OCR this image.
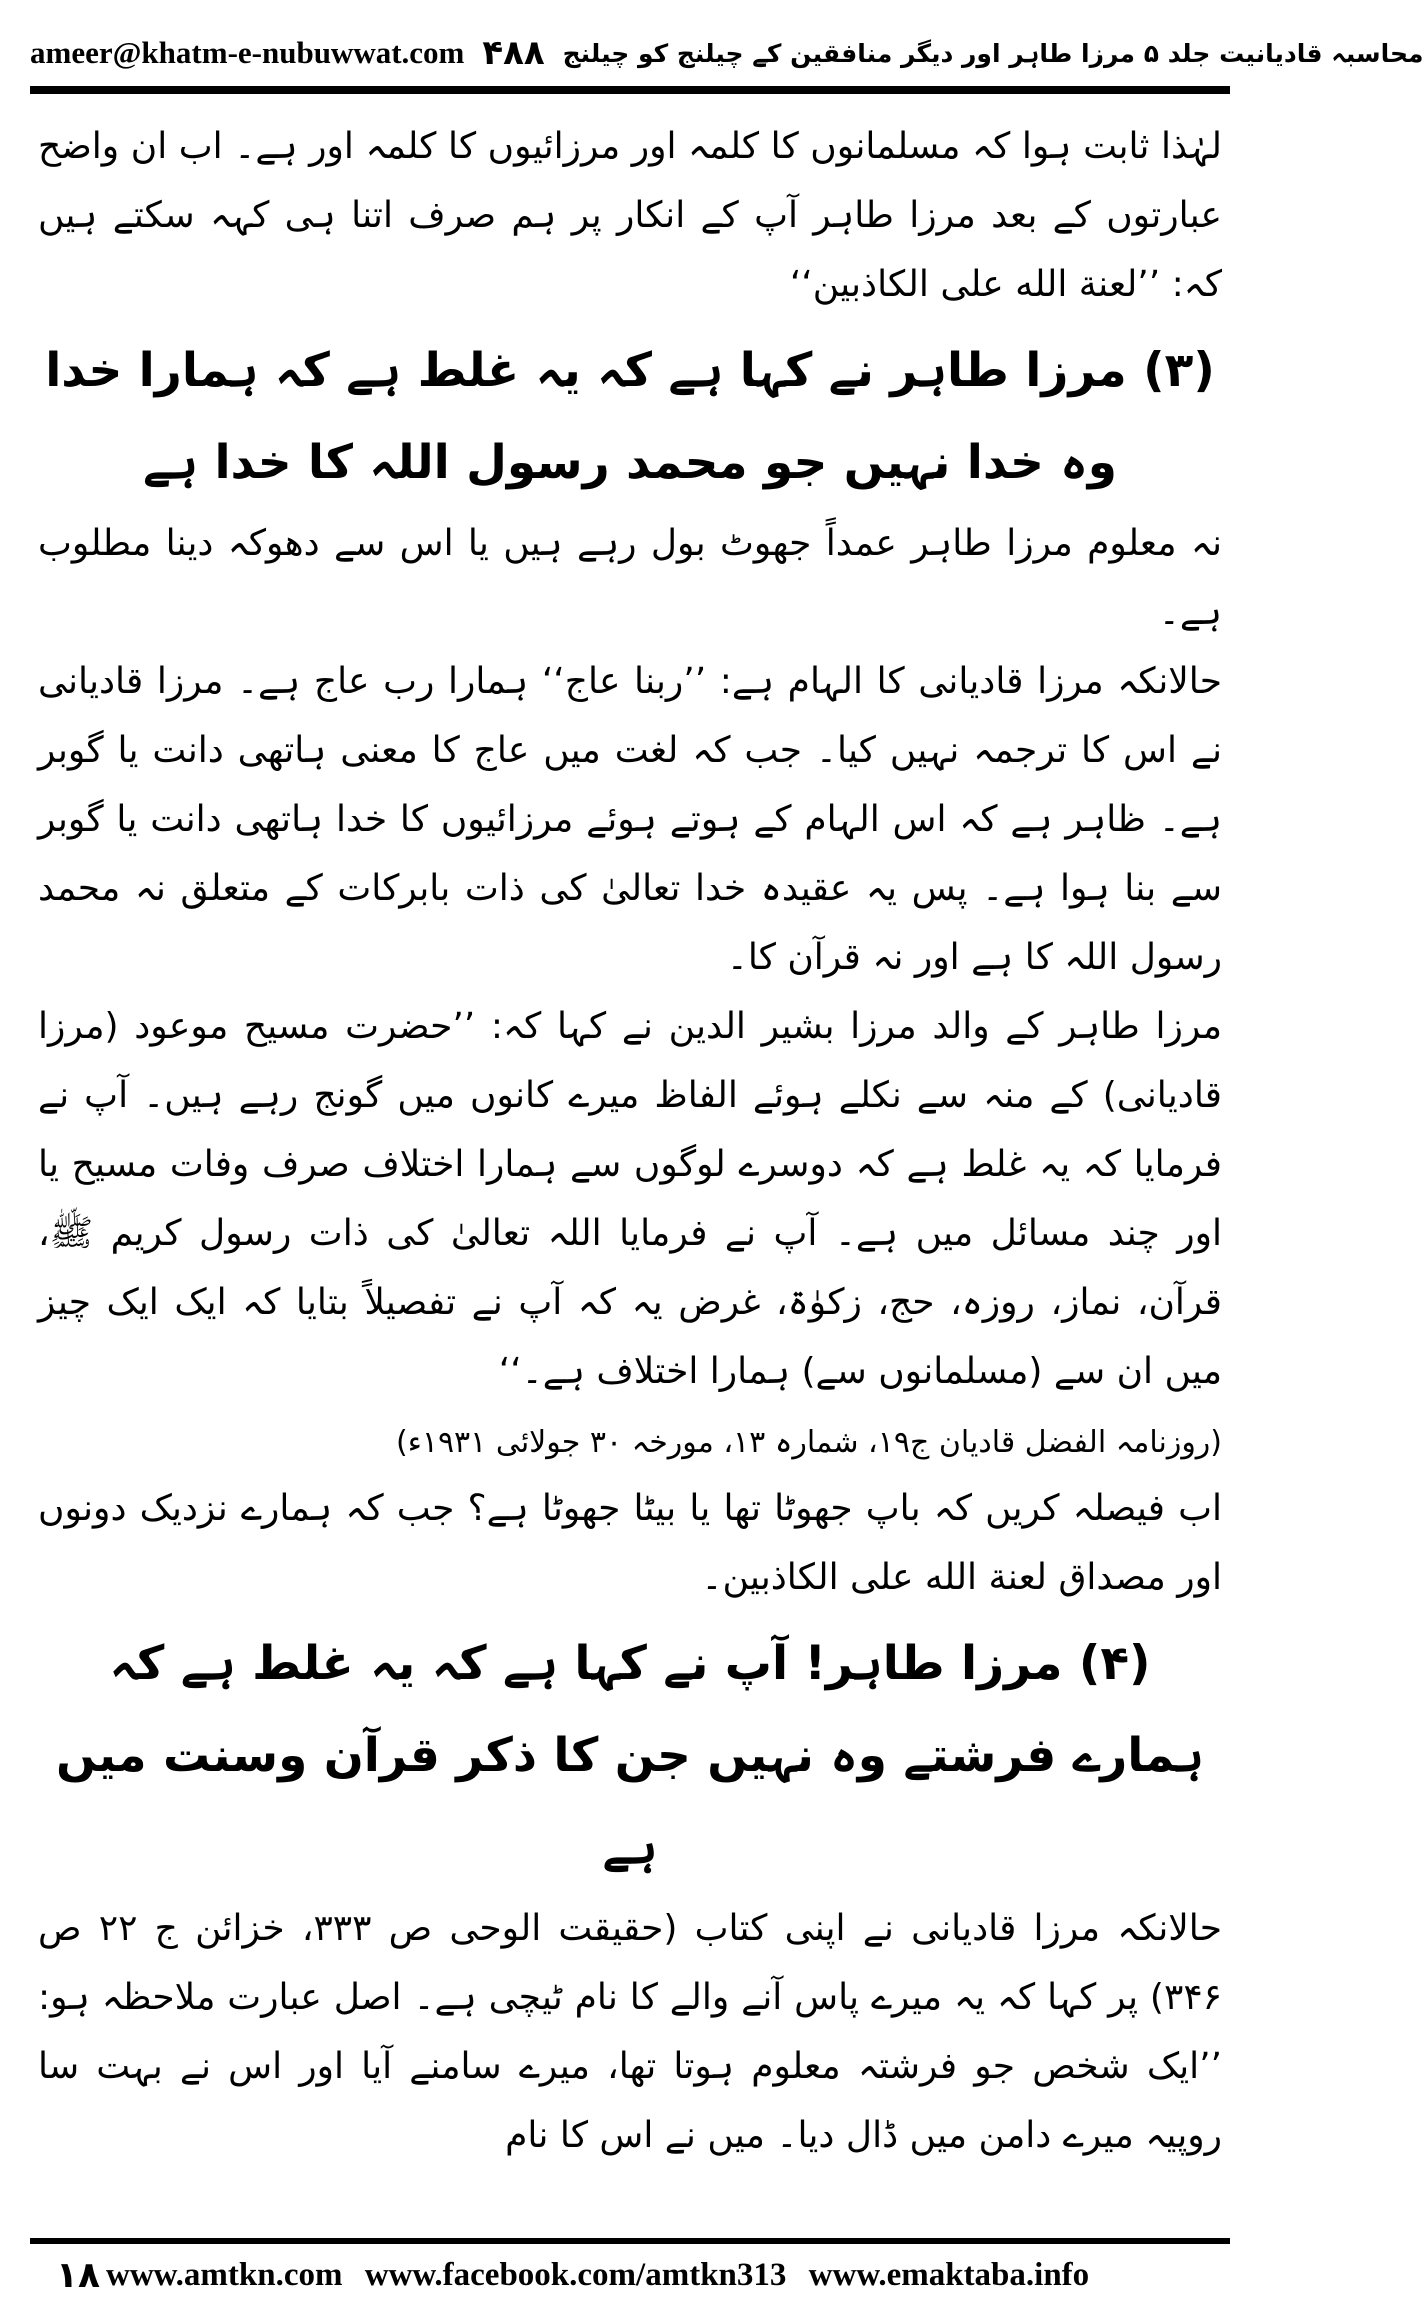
ameer@khatm-e-nubuwwat.com ۴۸۸ محاسبہ قادیانیت جلد ۵ مرزا طاہر اور دیگر منافقین کے چیلنج کو چیلنج

لہٰذا ثابت ہوا کہ مسلمانوں کا کلمہ اور مرزائیوں کا کلمہ اور ہے۔ اب ان واضح عبارتوں کے بعد مرزا طاہر آپ کے انکار پر ہم صرف اتنا ہی کہہ سکتے ہیں کہ: ’’لعنة الله علی الکاذبین‘‘

(۳) مرزا طاہر نے کہا ہے کہ یہ غلط ہے کہ ہمارا خدا وہ خدا نہیں جو محمد رسول اللہ کا خدا ہے

نہ معلوم مرزا طاہر عمداً جھوٹ بول رہے ہیں یا اس سے دھوکہ دینا مطلوب ہے۔

حالانکہ مرزا قادیانی کا الہام ہے: ’’ربنا عاج‘‘ ہمارا رب عاج ہے۔ مرزا قادیانی نے اس کا ترجمہ نہیں کیا۔ جب کہ لغت میں عاج کا معنی ہاتھی دانت یا گوبر ہے۔ ظاہر ہے کہ اس الہام کے ہوتے ہوئے مرزائیوں کا خدا ہاتھی دانت یا گوبر سے بنا ہوا ہے۔ پس یہ عقیدہ خدا تعالیٰ کی ذات بابرکات کے متعلق نہ محمد رسول اللہ کا ہے اور نہ قرآن کا۔

مرزا طاہر کے والد مرزا بشیر الدین نے کہا کہ: ’’حضرت مسیح موعود (مرزا قادیانی) کے منہ سے نکلے ہوئے الفاظ میرے کانوں میں گونج رہے ہیں۔ آپ نے فرمایا کہ یہ غلط ہے کہ دوسرے لوگوں سے ہمارا اختلاف صرف وفات مسیح یا اور چند مسائل میں ہے۔ آپ نے فرمایا اللہ تعالیٰ کی ذات رسول کریم ﷺ، قرآن، نماز، روزہ، حج، زکوٰۃ، غرض یہ کہ آپ نے تفصیلاً بتایا کہ ایک ایک چیز میں ان سے (مسلمانوں سے) ہمارا اختلاف ہے۔‘‘

(روزنامہ الفضل قادیان ج۱۹، شمارہ ۱۳، مورخہ ۳۰ جولائی ۱۹۳۱ء)

اب فیصلہ کریں کہ باپ جھوٹا تھا یا بیٹا جھوٹا ہے؟ جب کہ ہمارے نزدیک دونوں اور مصداق لعنة الله علی الکاذبین۔

(۴) مرزا طاہر! آپ نے کہا ہے کہ یہ غلط ہے کہ ہمارے فرشتے وہ نہیں جن کا ذکر قرآن وسنت میں ہے

حالانکہ مرزا قادیانی نے اپنی کتاب (حقیقت الوحی ص ۳۳۳، خزائن ج ۲۲ ص ۳۴۶) پر کہا کہ یہ میرے پاس آنے والے کا نام ٹیچی ہے۔ اصل عبارت ملاحظہ ہو: ’’ایک شخص جو فرشتہ معلوم ہوتا تھا، میرے سامنے آیا اور اس نے بہت سا روپیہ میرے دامن میں ڈال دیا۔ میں نے اس کا نام

۱۸ www.amtkn.com www.facebook.com/amtkn313 www.emaktaba.info
